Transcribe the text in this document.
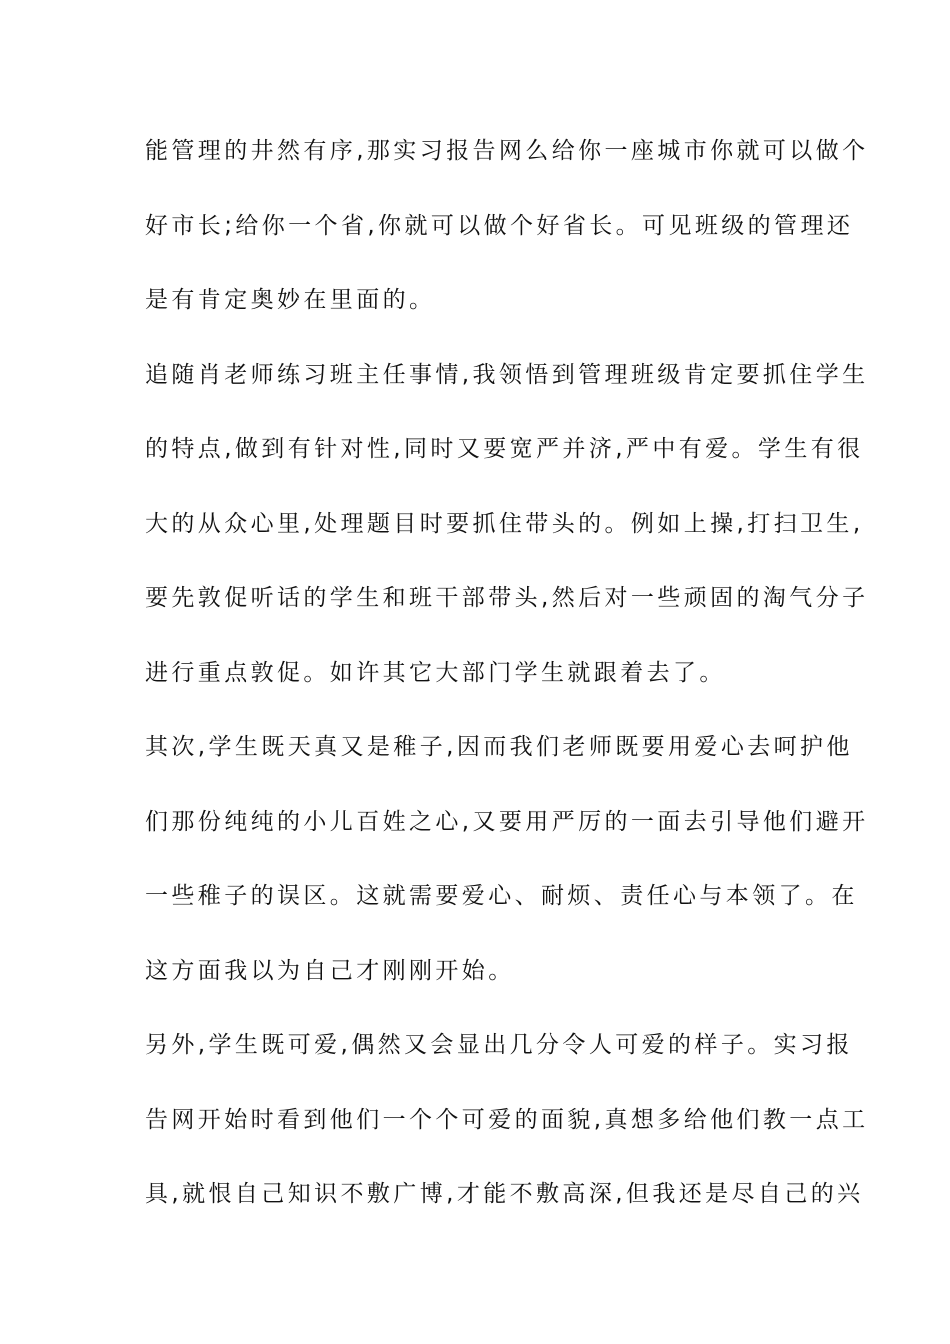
能管理的井然有序,那实习报告网么给你一座城市你就可以做个
好市长;给你一个省,你就可以做个好省长。可见班级的管理还
是有肯定奥妙在里面的。
追随肖老师练习班主任事情,我领悟到管理班级肯定要抓住学生
的特点,做到有针对性,同时又要宽严并济,严中有爱。学生有很
大的从众心里,处理题目时要抓住带头的。例如上操,打扫卫生,
要先敦促听话的学生和班干部带头,然后对一些顽固的淘气分子
进行重点敦促。如许其它大部门学生就跟着去了。
其次,学生既天真又是稚子,因而我们老师既要用爱心去呵护他
们那份纯纯的小儿百姓之心,又要用严厉的一面去引导他们避开
一些稚子的误区。这就需要爱心、耐烦、责任心与本领了。在
这方面我以为自己才刚刚开始。
另外,学生既可爱,偶然又会显出几分令人可爱的样子。实习报
告网开始时看到他们一个个可爱的面貌,真想多给他们教一点工
具,就恨自己知识不敷广博,才能不敷高深,但我还是尽自己的兴
